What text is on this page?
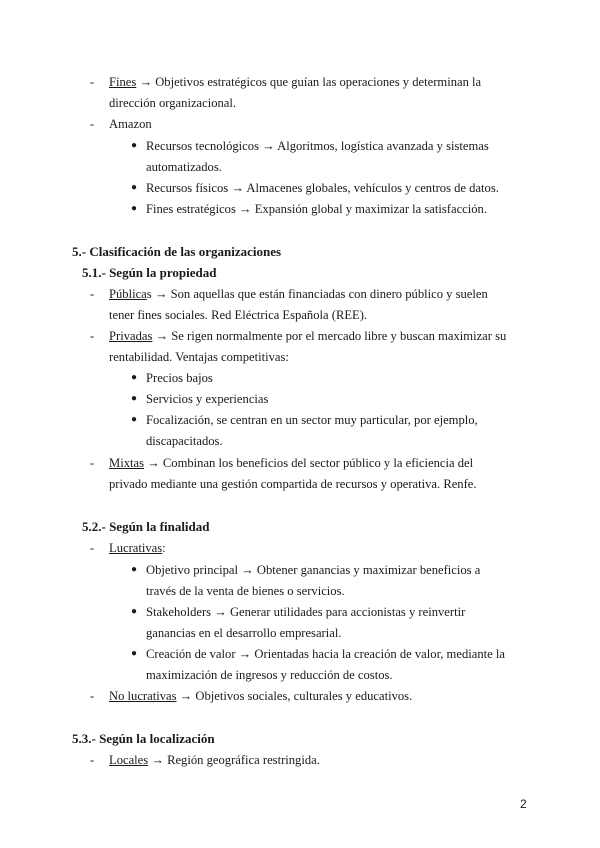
- Fines → Objetivos estratégicos que guían las operaciones y determinan la
dirección organizacional.
- Amazon
● Recursos tecnológicos → Algoritmos, logística avanzada y sistemas
automatizados.
● Recursos físicos → Almacenes globales, vehículos y centros de datos.
● Fines estratégicos → Expansión global y maximizar la satisfacción.
5.- Clasificación de las organizaciones
5.1.- Según la propiedad
- Públicas → Son aquellas que están financiadas con dinero público y suelen
tener fines sociales. Red Eléctrica Española (REE).
- Privadas → Se rigen normalmente por el mercado libre y buscan maximizar su
rentabilidad. Ventajas competitivas:
● Precios bajos
● Servicios y experiencias
● Focalización, se centran en un sector muy particular, por ejemplo,
discapacitados.
- Mixtas → Combinan los beneficios del sector público y la eficiencia del
privado mediante una gestión compartida de recursos y operativa. Renfe.
5.2.- Según la finalidad
- Lucrativas:
● Objetivo principal → Obtener ganancias y maximizar beneficios a
través de la venta de bienes o servicios.
● Stakeholders → Generar utilidades para accionistas y reinvertir
ganancias en el desarrollo empresarial.
● Creación de valor → Orientadas hacia la creación de valor, mediante la
maximización de ingresos y reducción de costos.
- No lucrativas → Objetivos sociales, culturales y educativos.
5.3.- Según la localización
- Locales → Región geográfica restringida.
2
